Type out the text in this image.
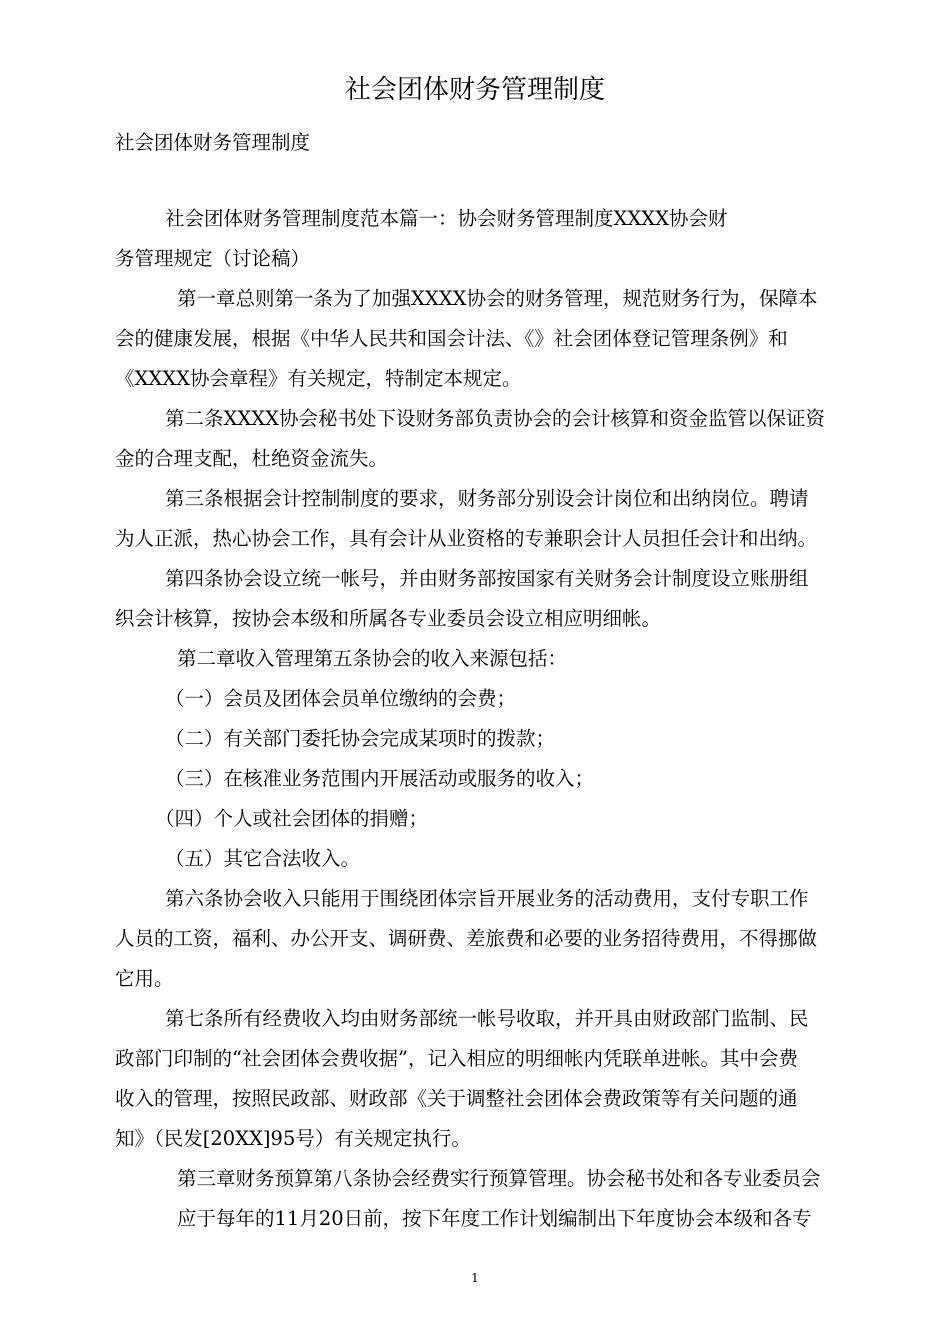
社会团体财务管理制度
社会团体财务管理制度
社会团体财务管理制度范本篇一：协会财务管理制度XXXX协会财
务管理规定（讨论稿）
第一章总则第一条为了加强XXXX协会的财务管理，规范财务行为，保障本
会的健康发展，根据《中华人民共和国会计法、《》社会团体登记管理条例》和
《XXXX协会章程》有关规定，特制定本规定。
第二条XXXX协会秘书处下设财务部负责协会的会计核算和资金监管以保证资
金的合理支配，杜绝资金流失。
第三条根据会计控制制度的要求，财务部分别设会计岗位和出纳岗位。聘请
为人正派，热心协会工作，具有会计从业资格的专兼职会计人员担任会计和出纳。
第四条协会设立统一帐号，并由财务部按国家有关财务会计制度设立账册组
织会计核算，按协会本级和所属各专业委员会设立相应明细帐。
第二章收入管理第五条协会的收入来源包括：
（一）会员及团体会员单位缴纳的会费；
（二）有关部门委托协会完成某项时的拨款；
（三）在核准业务范围内开展活动或服务的收入；
（四）个人或社会团体的捐赠；
（五）其它合法收入。
第六条协会收入只能用于围绕团体宗旨开展业务的活动费用，支付专职工作
人员的工资，福利、办公开支、调研费、差旅费和必要的业务招待费用，不得挪做
它用。
第七条所有经费收入均由财务部统一帐号收取，并开具由财政部门监制、民
政部门印制的“社会团体会费收据”，记入相应的明细帐内凭联单进帐。其中会费
收入的管理，按照民政部、财政部《关于调整社会团体会费政策等有关问题的通
知》（民发[20XX]95号）有关规定执行。
第三章财务预算第八条协会经费实行预算管理。协会秘书处和各专业委员会
应于每年的11月20日前，按下年度工作计划编制出下年度协会本级和各专
1
